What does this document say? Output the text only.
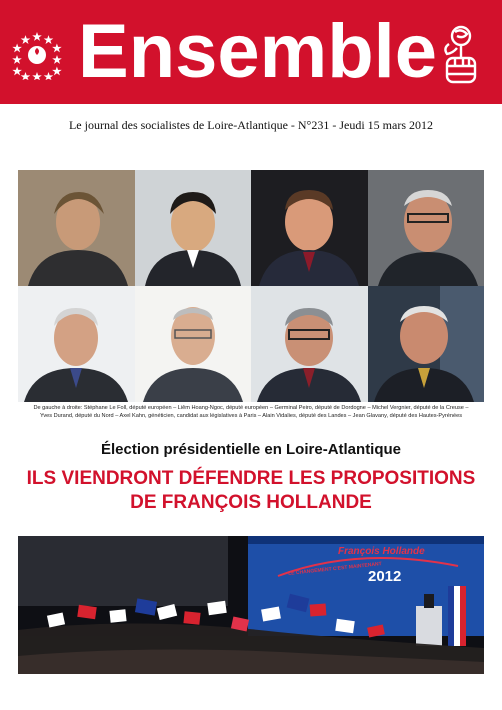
Ensemble
Le journal des socialistes de Loire-Atlantique - N°231 - Jeudi 15 mars 2012
De gauche à droite: Stéphane Le Foll, député européen – Liêm Hoang-Ngoc, député européen – Germinal Peiro, député de Dordogne – Michel Vergnier, député de la Creuse –
Yves Durand, député du Nord – Axel Kahn, généticien, candidat aux législatives à Paris – Alain Vidalies, député des Landes – Jean Glavany, député des Hautes-Pyrénées
Élection présidentielle en Loire-Atlantique
ILS VIENDRONT DÉFENDRE LES PROPOSITIONS
DE FRANÇOIS HOLLANDE
LE CHANGEMENT C'EST MAINTENANT
François Hollande
2012
